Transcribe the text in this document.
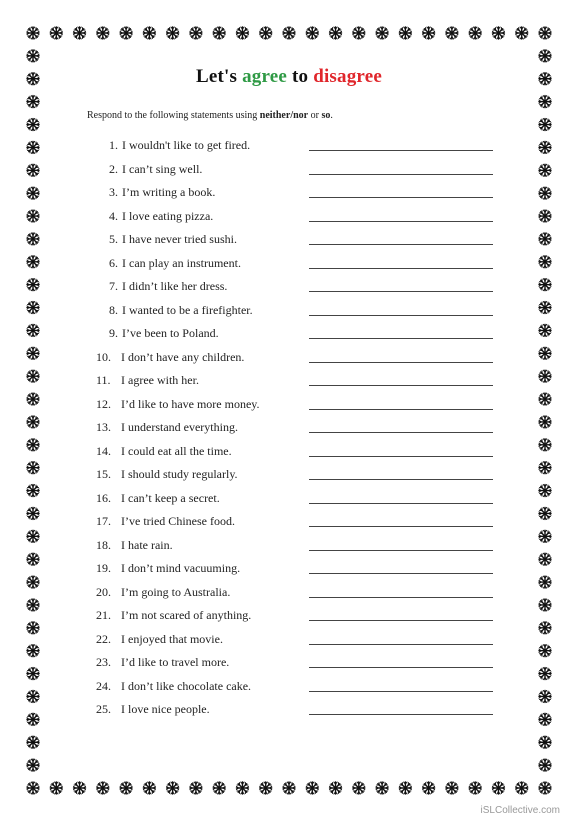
Let's agree to disagree
Respond to the following statements using neither/nor or so.
1. I wouldn't like to get fired.
2. I can’t sing well.
3. I’m writing a book.
4. I love eating pizza.
5. I have never tried sushi.
6. I can play an instrument.
7. I didn’t like her dress.
8. I wanted to be a firefighter.
9. I’ve been to Poland.
10. I don’t have any children.
11. I agree with her.
12. I’d like to have more money.
13. I understand everything.
14. I could eat all the time.
15. I should study regularly.
16. I can’t keep a secret.
17. I’ve tried Chinese food.
18. I hate rain.
19. I don’t mind vacuuming.
20. I’m going to Australia.
21. I’m not scared of anything.
22. I enjoyed that movie.
23. I’d like to travel more.
24. I don’t like chocolate cake.
25. I love nice people.
iSLCollective.com
